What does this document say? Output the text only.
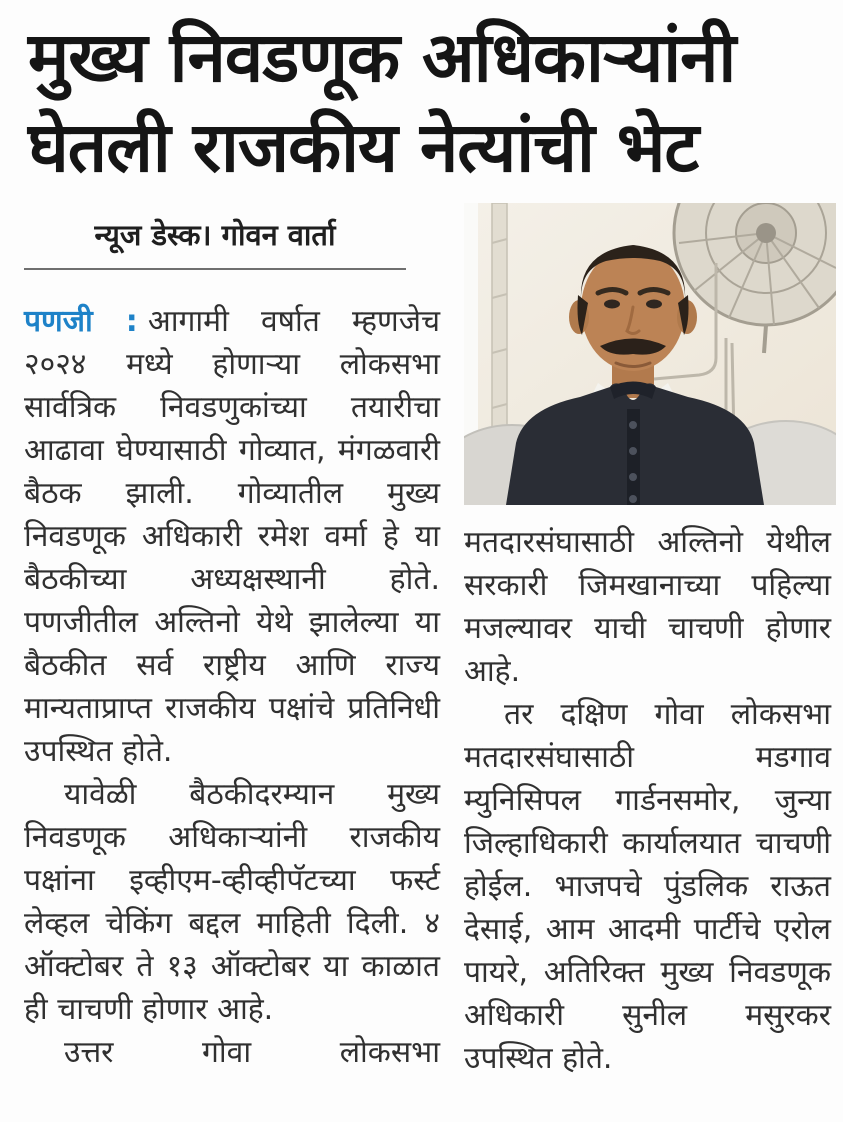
मुख्य निवडणूक अधिकाऱ्यांनी
घेतली राजकीय नेत्यांची भेट
न्यूज डेस्क। गोवन वार्ता

पणजी : आगामी वर्षात म्हणजेच २०२४ मध्ये होणाऱ्या लोकसभा सार्वत्रिक निवडणुकांच्या तयारीचा आढावा घेण्यासाठी गोव्यात, मंगळवारी बैठक झाली. गोव्यातील मुख्य निवडणूक अधिकारी रमेश वर्मा हे या बैठकीच्या अध्यक्षस्थानी होते. पणजीतील अल्तिनो येथे झालेल्या या बैठकीत सर्व राष्ट्रीय आणि राज्य मान्यताप्राप्त राजकीय पक्षांचे प्रतिनिधी उपस्थित होते.

यावेळी बैठकीदरम्यान मुख्य निवडणूक अधिकाऱ्यांनी राजकीय पक्षांना इव्हीएम-व्हीव्हीपॅटच्या फर्स्ट लेव्हल चेकिंग बद्दल माहिती दिली. ४ ऑक्टोबर ते १३ ऑक्टोबर या काळात ही चाचणी होणार आहे.

उत्तर गोवा लोकसभा

मतदारसंघासाठी अल्तिनो येथील सरकारी जिमखानाच्या पहिल्या मजल्यावर याची चाचणी होणार आहे.

तर दक्षिण गोवा लोकसभा मतदारसंघासाठी मडगाव म्युनिसिपल गार्डनसमोर, जुन्या जिल्हाधिकारी कार्यालयात चाचणी होईल. भाजपचे पुंडलिक राऊत देसाई, आम आदमी पार्टीचे एरोल पायरे, अतिरिक्त मुख्य निवडणूक अधिकारी सुनील मसुरकर उपस्थित होते.
